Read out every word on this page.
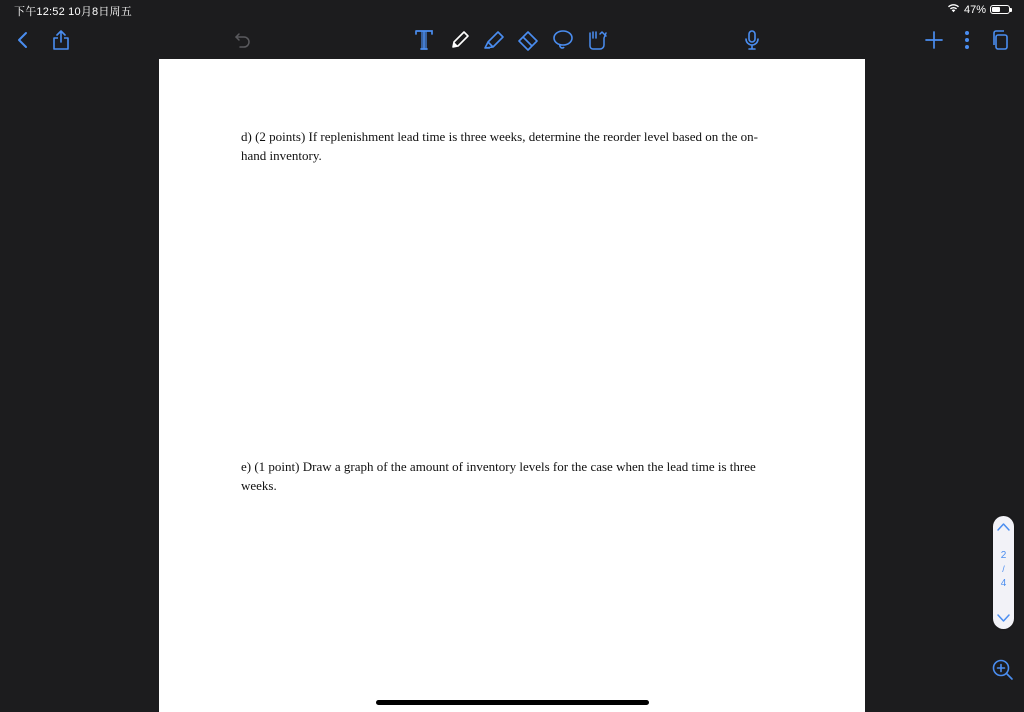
下午12:52 10月8日周五	47%
d) (2 points) If replenishment lead time is three weeks, determine the reorder level based on the on-hand inventory.
e) (1 point) Draw a graph of the amount of inventory levels for the case when the lead time is three weeks.
2
/
4
